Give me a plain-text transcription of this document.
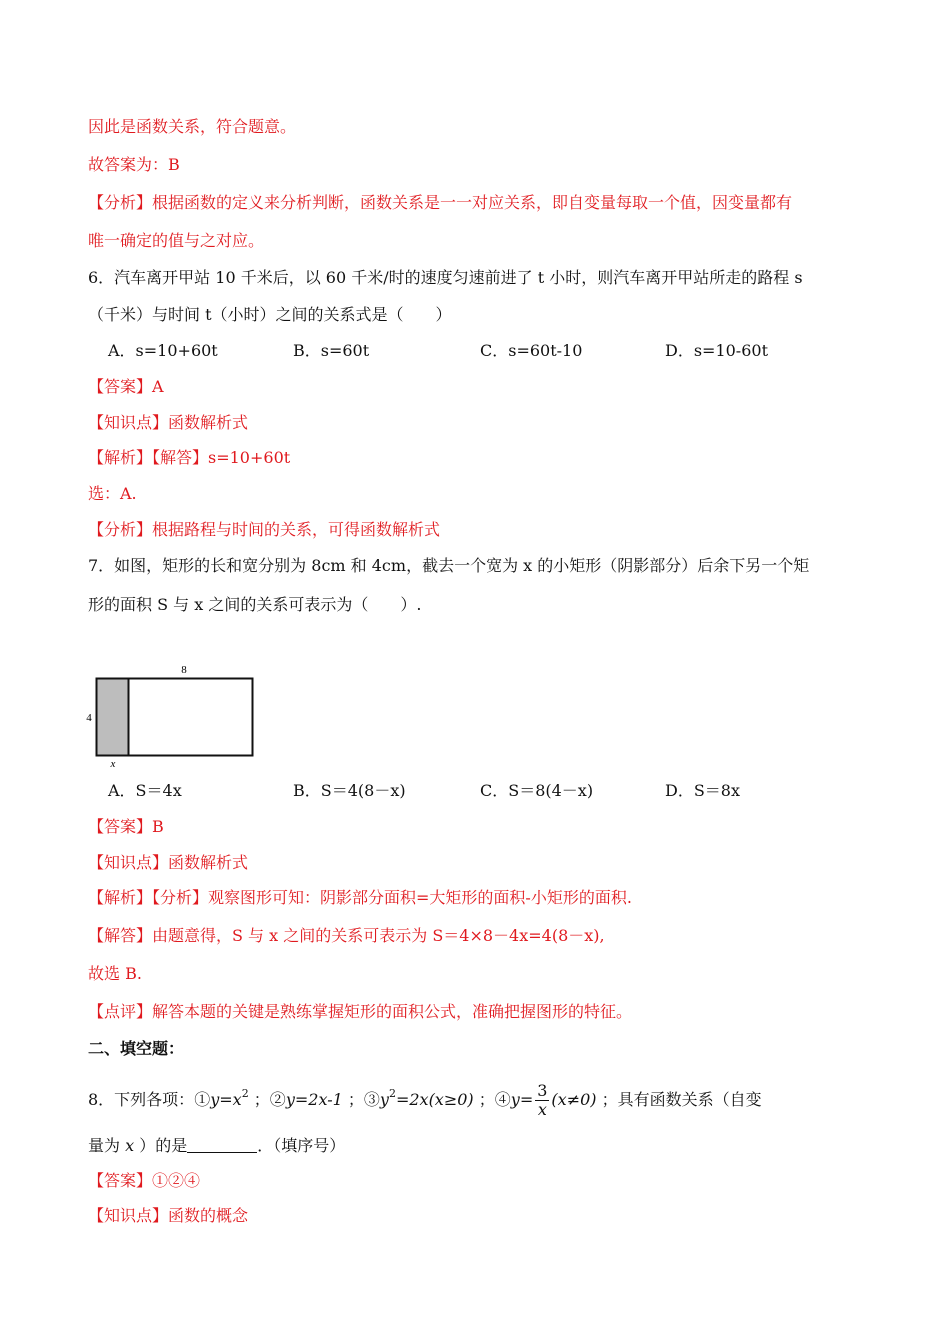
因此是函数关系，符合题意。
故答案为：B
【分析】根据函数的定义来分析判断，函数关系是一一对应关系，即自变量每取一个值，因变量都有
唯一确定的值与之对应。
6．汽车离开甲站 10 千米后，以 60 千米/时的速度匀速前进了 t 小时，则汽车离开甲站所走的路程 s
（千米）与时间 t（小时）之间的关系式是（　　）
A．s=10+60t	B．s=60t	C．s=60t-10	D．s=10-60t
【答案】A
【知识点】函数解析式
【解析】【解答】s=10+60t
选：A.
【分析】根据路程与时间的关系，可得函数解析式
7．如图，矩形的长和宽分别为 8cm 和 4cm，截去一个宽为 x 的小矩形（阴影部分）后余下另一个矩
形的面积 S 与 x 之间的关系可表示为（　　）.
8
4
x
A．S＝4x	B．S＝4(8－x)	C．S＝8(4－x)	D．S＝8x
【答案】B
【知识点】函数解析式
【解析】【分析】观察图形可知：阴影部分面积=大矩形的面积-小矩形的面积.
【解答】由题意得，S 与 x 之间的关系可表示为 S＝4×8－4x=4(8－x),
故选 B.
【点评】解答本题的关键是熟练掌握矩形的面积公式，准确把握图形的特征。
二、填空题：
8．下列各项：$①y=x^2$ ；②y=2x-1 ；$③y^2=2x(x\ge 0)$ ；④y= $\frac{3}{x} (x\ne 0)$ ；具有函数关系（自变
量为 x ）的是	．（填序号）
【答案】①②④
【知识点】函数的概念
